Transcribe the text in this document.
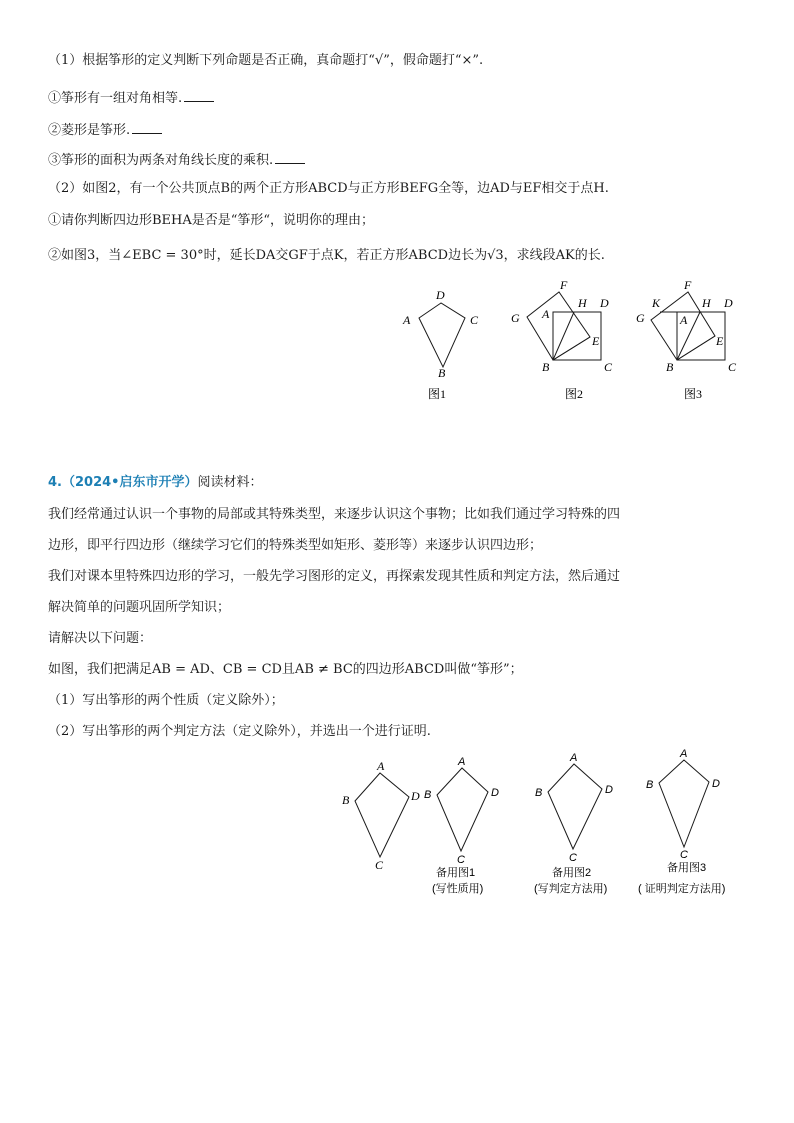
（1）根据筝形的定义判断下列命题是否正确，真命题打“√”，假命题打“×”.
①筝形有一组对角相等.
②菱形是筝形.
③筝形的面积为两条对角线长度的乘积.
（2）如图2，有一个公共顶点B的两个正方形ABCD与正方形BEFG全等，边AD与EF相交于点H.
①请你判断四边形BEHA是否是“筝形“，说明你的理由；
②如图3，当∠EBC = 30°时，延长DA交GF于点K，若正方形ABCD边长为√3，求线段AK的长.
D
A	C
B
图1
F
H D
G A
E
B	C
图2
K
F
H D
G	A
E
B	C
图3
4.（2024•启东市开学）阅读材料：
我们经常通过认识一个事物的局部或其特殊类型，来逐步认识这个事物；比如我们通过学习特殊的四
边形，即平行四边形（继续学习它们的特殊类型如矩形、菱形等）来逐步认识四边形；
我们对课本里特殊四边形的学习，一般先学习图形的定义，再探索发现其性质和判定方法，然后通过
解决简单的问题巩固所学知识；
请解决以下问题：
如图，我们把满足AB = AD、CB = CD且AB ≠ BC的四边形ABCD叫做“筝形”；
（1）写出筝形的两个性质（定义除外）；
（2）写出筝形的两个判定方法（定义除外），并选出一个进行证明.
A
B	D
C
A
B	D
C
备用图1
(写性质用)
A
B	D
C
备用图2
(写判定方法用)
A
B	D
C
备用图3
( 证明判定方法用)
